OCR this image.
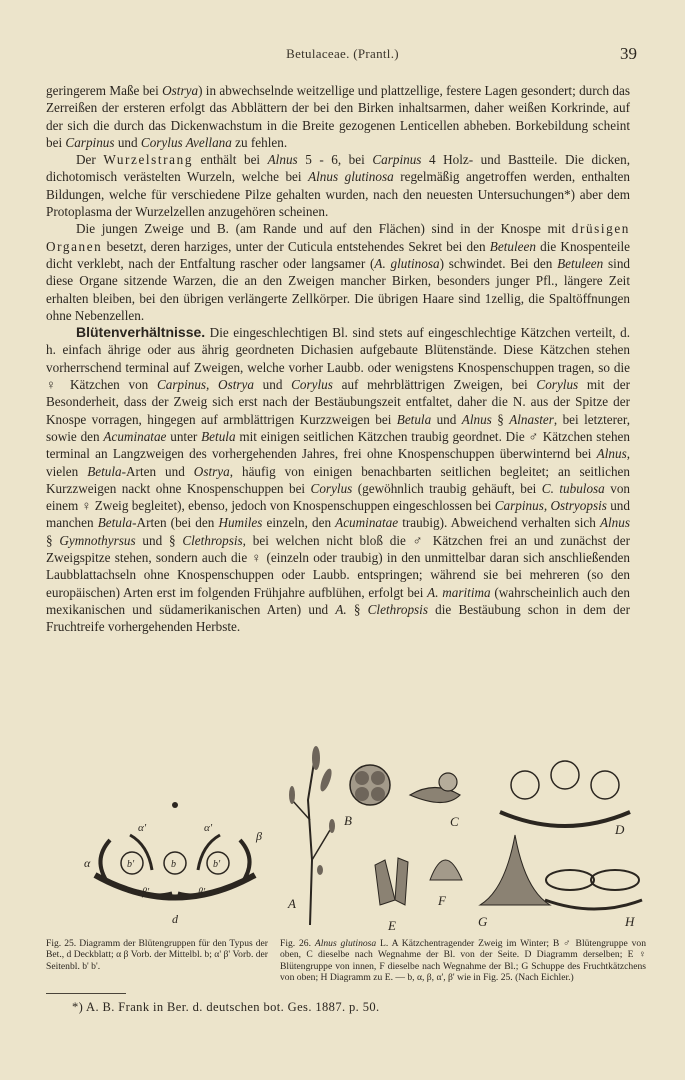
Betulaceae. (Prantl.)	39

geringerem Maße bei Ostrya) in abwechselnde weitzellige und plattzellige, festere Lagen gesondert; durch das Zerreißen der ersteren erfolgt das Abblättern der bei den Birken inhaltsarmen, daher weißen Korkrinde, auf der sich die durch das Dickenwachstum in die Breite gezogenen Lenticellen abheben. Borkebildung scheint bei Carpinus und Corylus Avellana zu fehlen.

Der Wurzelstrang enthält bei Alnus 5 - 6, bei Carpinus 4 Holz- und Bastteile. Die dicken, dichotomisch verästelten Wurzeln, welche bei Alnus glutinosa regelmäßig angetroffen werden, enthalten Bildungen, welche für verschiedene Pilze gehalten wurden, nach den neuesten Untersuchungen*) aber dem Protoplasma der Wurzelzellen anzugehören scheinen.

Die jungen Zweige und B. (am Rande und auf den Flächen) sind in der Knospe mit drüsigen Organen besetzt, deren harziges, unter der Cuticula entstehendes Sekret bei den Betuleen die Knospenteile dicht verklebt, nach der Entfaltung rascher oder langsamer (A. glutinosa) schwindet. Bei den Betuleen sind diese Organe sitzende Warzen, die an den Zweigen mancher Birken, besonders junger Pfl., längere Zeit erhalten bleiben, bei den übrigen verlängerte Zellkörper. Die übrigen Haare sind 1zellig, die Spaltöffnungen ohne Nebenzellen.

Blütenverhältnisse. Die eingeschlechtigen Bl. sind stets auf eingeschlechtige Kätzchen verteilt, d. h. einfach ährige oder aus ährig geordneten Dichasien aufgebaute Blütenstände. Diese Kätzchen stehen vorherrschend terminal auf Zweigen, welche vorher Laubb. oder wenigstens Knospenschuppen tragen, so die ♀ Kätzchen von Carpinus, Ostrya und Corylus auf mehrblättrigen Zweigen, bei Corylus mit der Besonderheit, dass der Zweig sich erst nach der Bestäubungszeit entfaltet, daher die N. aus der Spitze der Knospe vorragen, hingegen auf armblättrigen Kurzzweigen bei Betula und Alnus § Alnaster, bei letzterer, sowie den Acuminatae unter Betula mit einigen seitlichen Kätzchen traubig geordnet. Die ♂ Kätzchen stehen terminal an Langzweigen des vorhergehenden Jahres, frei ohne Knospenschuppen überwinternd bei Alnus, vielen Betula-Arten und Ostrya, häufig von einigen benachbarten seitlichen begleitet; an seitlichen Kurzzweigen nackt ohne Knospenschuppen bei Corylus (gewöhnlich traubig gehäuft, bei C. tubulosa von einem ♀ Zweig begleitet), ebenso, jedoch von Knospenschuppen eingeschlossen bei Carpinus, Ostryopsis und manchen Betula-Arten (bei den Humiles einzeln, den Acuminatae traubig). Abweichend verhalten sich Alnus § Gymnothyrsus und § Clethropsis, bei welchen nicht bloß die ♂ Kätzchen frei an und zunächst der Zweigspitze stehen, sondern auch die ♀ (einzeln oder traubig) in den unmittelbar daran sich anschließenden Laubblattachseln ohne Knospenschuppen oder Laubb. entspringen; während sie bei mehreren (so den europäischen) Arten erst im folgenden Frühjahre aufblühen, erfolgt bei A. maritima (wahrscheinlich auch den mexikanischen und südamerikanischen Arten) und A. § Clethropsis die Bestäubung schon in dem der Fruchtreife vorhergehenden Herbste.

b'	b	b'
α
β
α'	α'
β'	β'
d
A
B	C
D
E
F
G	H
Fig. 25. Diagramm der Blütengruppen für den Typus der Bet., d Deckblatt; α β Vorb. der Mittelbl. b; α' β' Vorb. der Seitenbl. b' b'.
Fig. 26. Alnus glutinosa L. A Kätzchentragender Zweig im Winter; B ♂ Blütengruppe von oben, C dieselbe nach Wegnahme der Bl. von der Seite. D Diagramm derselben; E ♀ Blütengruppe von innen, F dieselbe nach Wegnahme der Bl.; G Schuppe des Fruchtkätzchens von oben; H Diagramm zu E. — b, α, β, α', β' wie in Fig. 25. (Nach Eichler.)
*) A. B. Frank in Ber. d. deutschen bot. Ges. 1887. p. 50.
